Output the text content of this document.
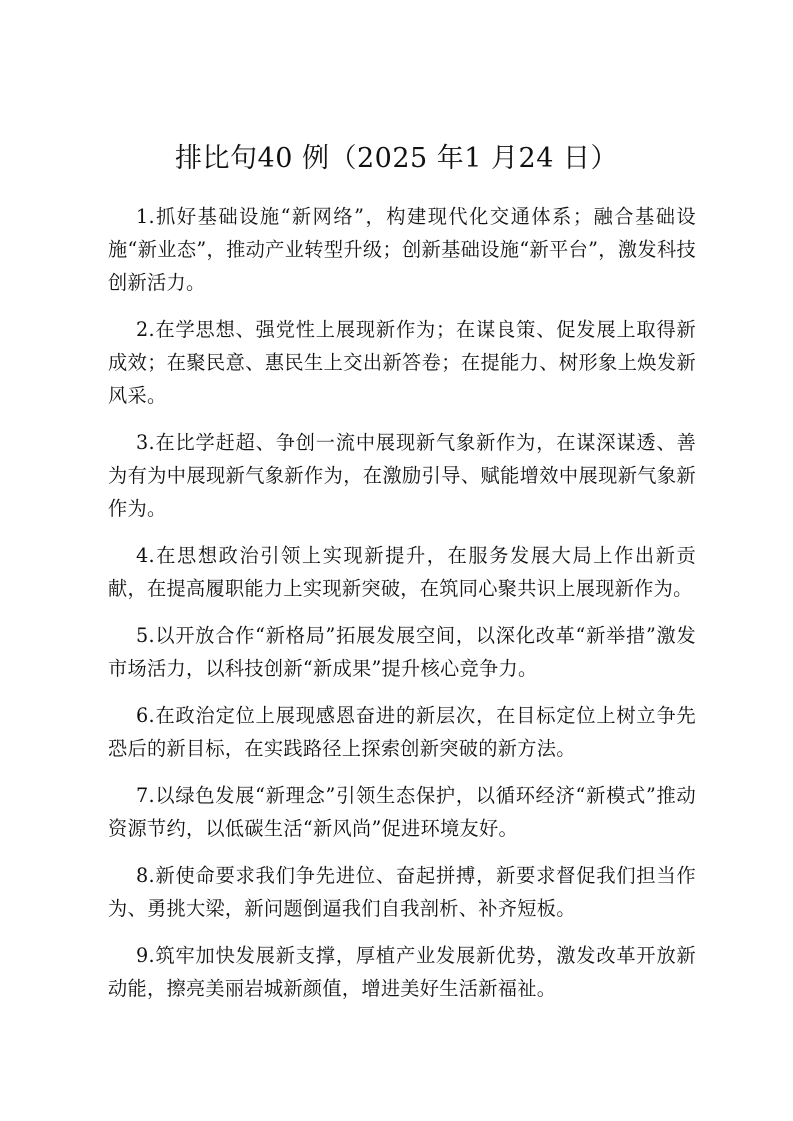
排比句40 例（2025 年1 月24 日）

1.抓好基础设施“新网络”，构建现代化交通体系；融合基础设施“新业态”，推动产业转型升级；创新基础设施“新平台”，激发科技创新活力。

2.在学思想、强党性上展现新作为；在谋良策、促发展上取得新成效；在聚民意、惠民生上交出新答卷；在提能力、树形象上焕发新风采。

3.在比学赶超、争创一流中展现新气象新作为，在谋深谋透、善为有为中展现新气象新作为，在激励引导、赋能增效中展现新气象新作为。

4.在思想政治引领上实现新提升，在服务发展大局上作出新贡献，在提高履职能力上实现新突破，在筑同心聚共识上展现新作为。

5.以开放合作“新格局”拓展发展空间，以深化改革“新举措”激发市场活力，以科技创新“新成果”提升核心竞争力。

6.在政治定位上展现感恩奋进的新层次，在目标定位上树立争先恐后的新目标，在实践路径上探索创新突破的新方法。

7.以绿色发展“新理念”引领生态保护，以循环经济“新模式”推动资源节约，以低碳生活“新风尚”促进环境友好。

8.新使命要求我们争先进位、奋起拼搏，新要求督促我们担当作为、勇挑大梁，新问题倒逼我们自我剖析、补齐短板。

9.筑牢加快发展新支撑，厚植产业发展新优势，激发改革开放新动能，擦亮美丽岩城新颜值，增进美好生活新福祉。
